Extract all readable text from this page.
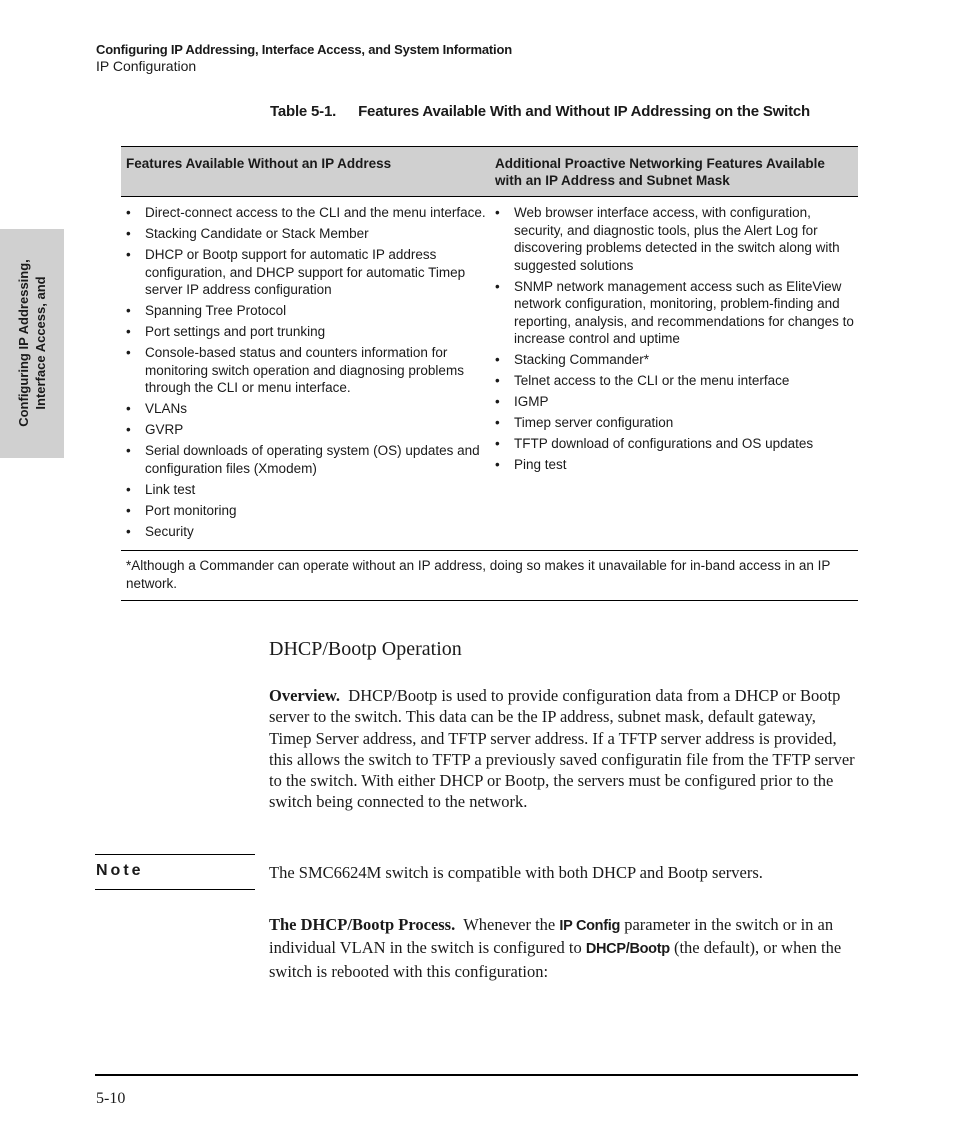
Configuring IP Addressing, Interface Access, and System Information
IP Configuration
Configuring IP Addressing, Interface Access, and
Table 5-1. Features Available With and Without IP Addressing on the Switch
Features Available Without an IP Address	Additional Proactive Networking Features Available
with an IP Address and Subnet Mask
• Direct-connect access to the CLI and the menu interface.
• Stacking Candidate or Stack Member
• DHCP or Bootp support for automatic IP address configuration, and DHCP support for automatic Timep server IP address configuration
• Spanning Tree Protocol
• Port settings and port trunking
• Console-based status and counters information for monitoring switch operation and diagnosing problems through the CLI or menu interface.
• VLANs
• GVRP
• Serial downloads of operating system (OS) updates and configuration files (Xmodem)
• Link test
• Port monitoring
• Security
• Web browser interface access, with configuration, security, and diagnostic tools, plus the Alert Log for discovering problems detected in the switch along with suggested solutions
• SNMP network management access such as EliteView network configuration, monitoring, problem-finding and reporting, analysis, and recommendations for changes to increase control and uptime
• Stacking Commander*
• Telnet access to the CLI or the menu interface
• IGMP
• Timep server configuration
• TFTP download of configurations and OS updates
• Ping test
*Although a Commander can operate without an IP address, doing so makes it unavailable for in-band access in an IP network.
DHCP/Bootp Operation
Overview. DHCP/Bootp is used to provide configuration data from a DHCP or Bootp server to the switch. This data can be the IP address, subnet mask, default gateway, Timep Server address, and TFTP server address. If a TFTP server address is provided, this allows the switch to TFTP a previously saved configuratin file from the TFTP server to the switch. With either DHCP or Bootp, the servers must be configured prior to the switch being connected to the network.
Note	The SMC6624M switch is compatible with both DHCP and Bootp servers.
The DHCP/Bootp Process. Whenever the IP Config parameter in the switch or in an individual VLAN in the switch is configured to DHCP/Bootp (the default), or when the switch is rebooted with this configuration:
5-10
